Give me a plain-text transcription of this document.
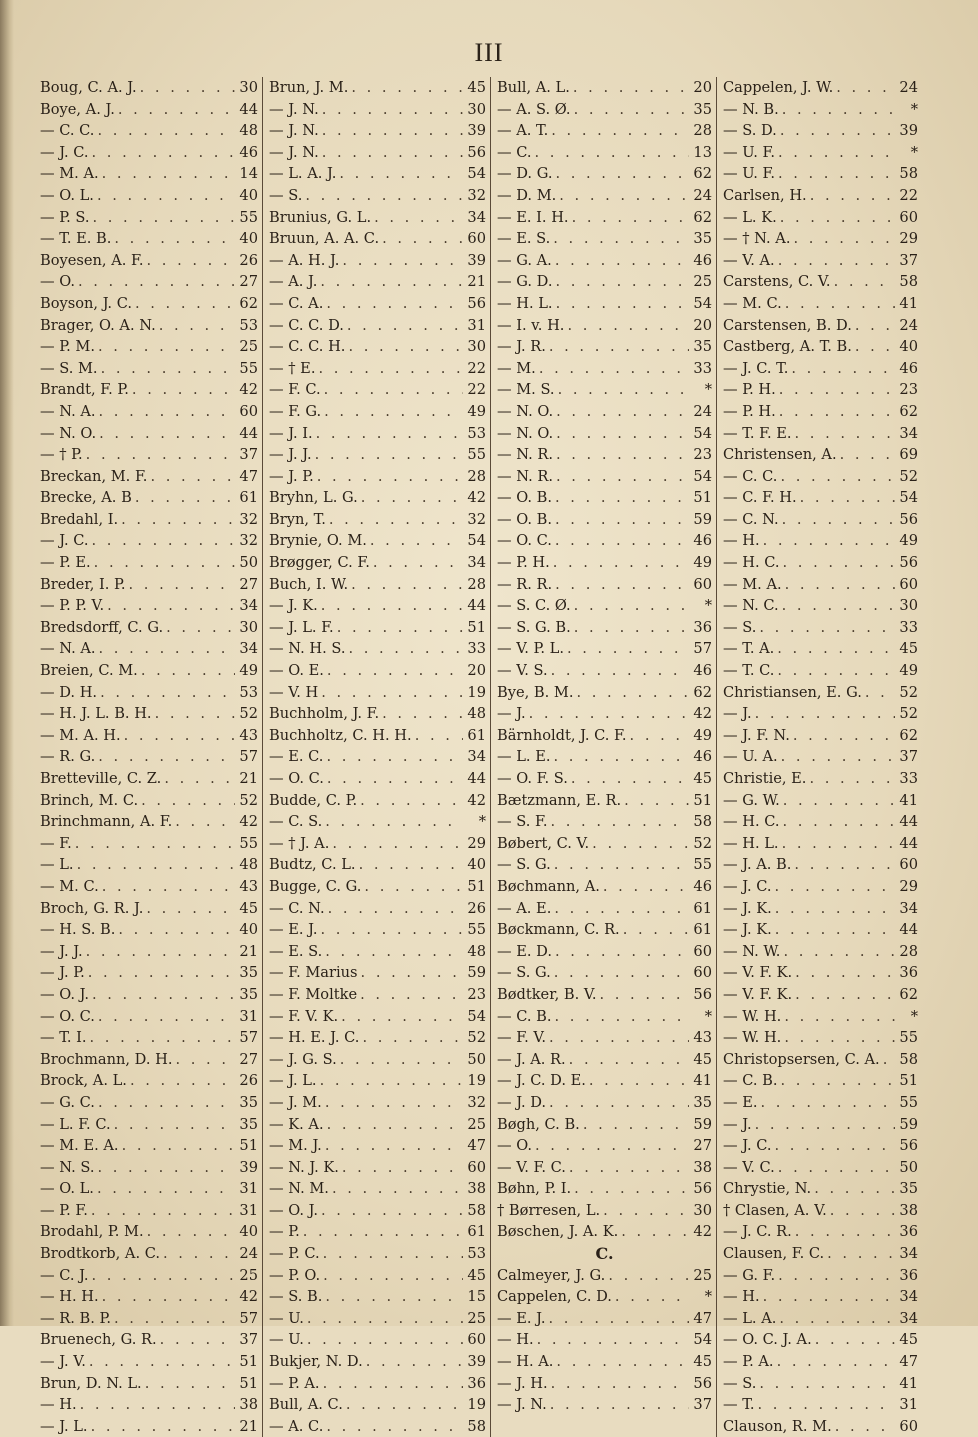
III
Boug, C. A. J. . . .	30
Boye, A. J. . . .	44
— C. C. . . .	48
— J. C. . . .	46
— M. A. . . .	14
— O. L. . . .	40
— P. S. . . .	55
— T. E. B. . . .	40
Boyesen, A. F. . . .	26
— O. . . .	27
Boyson, J. C. . . .	62
Brager, O. A. N. . . .	53
— P. M. . . .	25
— S. M. . . .	55
Brandt, F. P. . . .	42
— N. A. . . .	60
— N. O. . . .	44
— † P. . . .	37
Breckan, M. F. . . .	47
Brecke, A. B . . .	61
Bredahl, I. . . .	32
— J. C. . . .	32
— P. E. . . .	50
Breder, I. P. . . .	27
— P. P. V. . . .	34
Bredsdorff, C. G. . . .	30
— N. A. . . .	34
Breien, C. M. . . .	49
— D. H. . . .	53
— H. J. L. B. H. . . .	52
— M. A. H. . . .	43
— R. G. . . .	57
Bretteville, C. Z. . . .	21
Brinch, M. C. . . .	52
Brinchmann, A. F. . . .	42
— F. . . .	55
— L. . . .	48
— M. C. . . .	43
Broch, G. R. J. . . .	45
— H. S. B. . . .	40
— J. J. . . .	21
— J. P. . . .	35
— O. J. . . .	35
— O. C. . . .	31
— T. I. . . .	57
Brochmann, D. H. . . .	27
Brock, A. L. . . .	26
— G. C. . . .	35
— L. F. C. . . .	35
— M. E. A. . . .	51
— N. S. . . .	39
— O. L. . . .	31
— P. F. . . .	31
Brodahl, P. M. . . .	40
Brodtkorb, A. C. . . .	24
— C. J. . . .	25
— H. H. . . .	42
— R. B. P. . . .	57
Bruenech, G. R. . . .	37
— J. V. . . .	51
Brun, D. N. L. . . .	51
— H. . . .	38
— J. L. . . .	21
Brun, J. M. . . .	45
— J. N. . . .	30
— J. N. . . .	39
— J. N. . . .	56
— L. A. J. . . .	54
— S. . . .	32
Brunius, G. L. . . .	34
Bruun, A. A. C. . . .	60
— A. H. J. . . .	39
— A. J. . . .	21
— C. A. . . .	56
— C. C. D. . . .	31
— C. C. H. . . .	30
— † E. . . .	22
— F. C. . . .	22
— F. G. . . .	49
— J. I. . . .	53
— J. J. . . .	55
— J. P. . . .	28
Bryhn, L. G. . . .	42
Bryn, T. . . .	32
Brynie, O. M. . . .	54
Brøgger, C. F. . . .	34
Buch, I. W. . . .	28
— J. K. . . .	44
— J. L. F. . . .	51
— N. H. S. . . .	33
— O. E. . . .	20
— V. H . . .	19
Buchholm, J. F. . . .	48
Buchholtz, C. H. H. . . .	61
— E. C. . . .	34
— O. C. . . .	44
Budde, C. P. . . .	42
— C. S. . . .	*
— † J. A. . . .	29
Budtz, C. L. . . .	40
Bugge, C. G. . . .	51
— C. N. . . .	26
— E. J. . . .	55
— E. S. . . .	48
— F. Marius . . .	59
— F. Moltke . . .	23
— F. V. K. . . .	54
— H. E. J. C. . . .	52
— J. G. S. . . .	50
— J. L. . . .	19
— J. M. . . .	32
— K. A. . . .	25
— M. J. . . .	47
— N. J. K. . . .	60
— N. M. . . .	38
— O. J. . . .	58
— P. . . .	61
— P. C. . . .	53
— P. O. . . .	45
— S. B. . . .	15
— U. . . .	25
— U. . . .	60
Bukjer, N. D. . . .	39
— P. A. . . .	36
Bull, A. C. . . .	19
— A. C. . . .	58
Bull, A. L. . . .	20
— A. S. Ø. . . .	35
— A. T. . . .	28
— C. . . .	13
— D. G. . . .	62
— D. M. . . .	24
— E. I. H. . . .	62
— E. S. . . .	35
— G. A. . . .	46
— G. D. . . .	25
— H. L. . . .	54
— I. v. H. . . .	20
— J. R. . . .	35
— M. . . .	33
— M. S. . . .	*
— N. O. . . .	24
— N. O. . . .	54
— N. R. . . .	23
— N. R. . . .	54
— O. B. . . .	51
— O. B. . . .	59
— O. C. . . .	46
— P. H. . . .	49
— R. R. . . .	60
— S. C. Ø. . . .	*
— S. G. B. . . .	36
— V. P. L. . . .	57
— V. S. . . .	46
Bye, B. M. . . .	62
— J. . . .	42
Bärnholdt, J. C. F. . . .	49
— L. E. . . .	46
— O. F. S. . . .	45
Bætzmann, E. R. . . .	51
— S. F. . . .	58
Bøbert, C. V. . . .	52
— S. G. . . .	55
Bøchmann, A. . . .	46
— A. E. . . .	61
Bøckmann, C. R. . . .	61
— E. D. . . .	60
— S. G. . . .	60
Bødtker, B. V. . . .	56
— C. B. . . .	*
— F. V. . . .	43
— J. A. R. . . .	45
— J. C. D. E. . . .	41
— J. D. . . .	35
Bøgh, C. B. . . .	59
— O. . . .	27
— V. F. C. . . .	38
Bøhn, P. I. . . .	56
† Børresen, L. . . .	30
Bøschen, J. A. K. . . .	42
C.
Calmeyer, J. G. . . .	25
Cappelen, C. D. . . .	*
— E. J. . . .	47
— H. . . .	54
— H. A. . . .	45
— J. H. . . .	56
— J. N. . . .	37
Cappelen, J. W. . . .	24
— N. B. . . .	*
— S. D. . . .	39
— U. F. . . .	*
— U. F. . . .	58
Carlsen, H. . . .	22
— L. K. . . .	60
— † N. A. . . .	29
— V. A. . . .	37
Carstens, C. V. . . .	58
— M. C. . . .	41
Carstensen, B. D. . . .	24
Castberg, A. T. B. . . .	40
— J. C. T. . . .	46
— P. H. . . .	23
— P. H. . . .	62
— T. F. E. . . .	34
Christensen, A. . . .	69
— C. C. . . .	52
— C. F. H. . . .	54
— C. N. . . .	56
— H. . . .	49
— H. C. . . .	56
— M. A. . . .	60
— N. C. . . .	30
— S. . . .	33
— T. A. . . .	45
— T. C. . . .	49
Christiansen, E. G. . . .	52
— J. . . .	52
— J. F. N. . . .	62
— U. A. . . .	37
Christie, E. . . .	33
— G. W. . . .	41
— H. C. . . .	44
— H. L. . . .	44
— J. A. B. . . .	60
— J. C. . . .	29
— J. K. . . .	34
— J. K. . . .	44
— N. W. . . .	28
— V. F. K. . . .	36
— V. F. K. . . .	62
— W. H. . . .	*
— W. H. . . .	55
Christopsersen, C. A. . . . 58
— C. B. . . .	51
— E. . . .	55
— J. . . .	59
— J. C. . . .	56
— V. C. . . .	50
Chrystie, N. . . .	35
† Clasen, A. V. . . .	38
— J. C. R. . . .	36
Clausen, F. C. . . .	34
— G. F. . . .	36
— H. . . .	34
— L. A. . . .	34
— O. C. J. A. . . .	45
— P. A. . . .	47
— S. . . .	41
— T. . . .	31
Clauson, R. M. . . .	60
